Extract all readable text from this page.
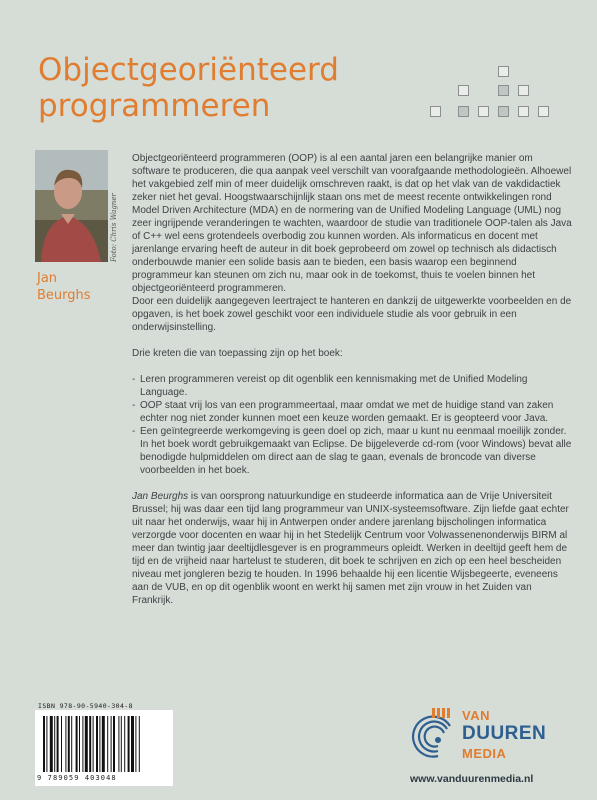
Objectgeoriënteerd
programmeren
Foto: Chris Wagner
Jan
Beurghs

Objectgeoriënteerd programmeren (OOP) is al een aantal jaren een belangrijke manier om software te produceren, die qua aanpak veel verschilt van voorafgaande methodologieën. Alhoewel het vakgebied zelf min of meer duidelijk omschreven raakt, is dat op het vlak van de vakdidactiek zeker niet het geval. Hoogstwaarschijnlijk staan ons met de meest recente ontwikkelingen rond Model Driven Architecture (MDA) en de normering van de Unified Modeling Language (UML) nog zeer ingrijpende veranderingen te wachten, waardoor de studie van traditionele OOP-talen als Java of C++ wel eens grotendeels overbodig zou kunnen worden. Als informaticus en docent met jarenlange ervaring heeft de auteur in dit boek geprobeerd om zowel op technisch als didactisch onderbouwde manier een solide basis aan te bieden, een basis waarop een beginnend programmeur kan steunen om zich nu, maar ook in de toekomst, thuis te voelen binnen het objectgeoriënteerd programmeren.

Door een duidelijk aangegeven leertraject te hanteren en dankzij de uitgewerkte voorbeelden en de opgaven, is het boek zowel geschikt voor een individuele studie als voor gebruik in een onderwijsinstelling.

Drie kreten die van toepassing zijn op het boek:

- Leren programmeren vereist op dit ogenblik een kennismaking met de Unified Modeling Language.
- OOP staat vrij los van een programmeertaal, maar omdat we met de huidige stand van zaken echter nog niet zonder kunnen moet een keuze worden gemaakt. Er is geopteerd voor Java.
- Een geïntegreerde werkomgeving is geen doel op zich, maar u kunt nu eenmaal moeilijk zonder. In het boek wordt gebruikgemaakt van Eclipse. De bijgeleverde cd-rom (voor Windows) bevat alle benodigde hulpmiddelen om direct aan de slag te gaan, evenals de broncode van diverse voorbeelden in het boek.

Jan Beurghs is van oorsprong natuurkundige en studeerde informatica aan de Vrije Universiteit Brussel; hij was daar een tijd lang programmeur van UNIX-systeemsoftware. Zijn liefde gaat echter uit naar het onderwijs, waar hij in Antwerpen onder andere jarenlang bijscholingen informatica verzorgde voor docenten en waar hij in het Stedelijk Centrum voor Volwassenenonderwijs BIRM al meer dan twintig jaar deeltijdlesgever is en programmeurs opleidt. Werken in deeltijd geeft hem de tijd en de vrijheid naar hartelust te studeren, dit boek te schrijven en zich op een heel bescheiden niveau met jongleren bezig te houden. In 1996 behaalde hij een licentie Wijsbegeerte, eveneens aan de VUB, en op dit ogenblik woont en werkt hij samen met zijn vrouw in het Zuiden van Frankrijk.

ISBN 978-90-5940-304-8
9 789059 403048
VAN
DUUREN
MEDIA
www.vanduurenmedia.nl
